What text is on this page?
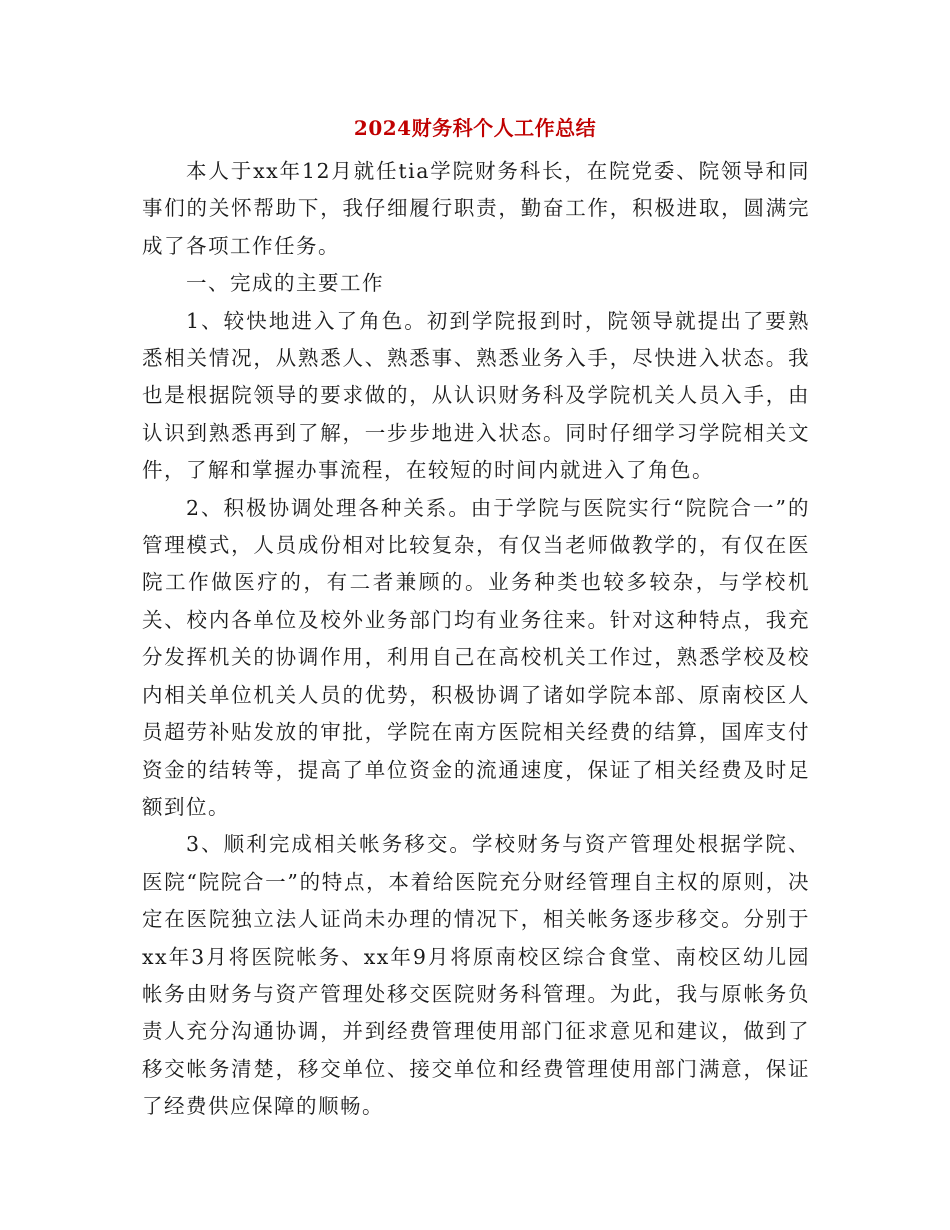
2024财务科个人工作总结

本人于xx年12月就任tia学院财务科长，在院党委、院领导和同事们的关怀帮助下，我仔细履行职责，勤奋工作，积极进取，圆满完成了各项工作任务。

一、完成的主要工作

1、较快地进入了角色。初到学院报到时，院领导就提出了要熟悉相关情况，从熟悉人、熟悉事、熟悉业务入手，尽快进入状态。我也是根据院领导的要求做的，从认识财务科及学院机关人员入手，由认识到熟悉再到了解，一步步地进入状态。同时仔细学习学院相关文件，了解和掌握办事流程，在较短的时间内就进入了角色。

2、积极协调处理各种关系。由于学院与医院实行“院院合一”的管理模式，人员成份相对比较复杂，有仅当老师做教学的，有仅在医院工作做医疗的，有二者兼顾的。业务种类也较多较杂，与学校机关、校内各单位及校外业务部门均有业务往来。针对这种特点，我充分发挥机关的协调作用，利用自己在高校机关工作过，熟悉学校及校内相关单位机关人员的优势，积极协调了诸如学院本部、原南校区人员超劳补贴发放的审批，学院在南方医院相关经费的结算，国库支付资金的结转等，提高了单位资金的流通速度，保证了相关经费及时足额到位。

3、顺利完成相关帐务移交。学校财务与资产管理处根据学院、医院“院院合一”的特点，本着给医院充分财经管理自主权的原则，决定在医院独立法人证尚未办理的情况下，相关帐务逐步移交。分别于xx年3月将医院帐务、xx年9月将原南校区综合食堂、南校区幼儿园帐务由财务与资产管理处移交医院财务科管理。为此，我与原帐务负责人充分沟通协调，并到经费管理使用部门征求意见和建议，做到了移交帐务清楚，移交单位、接交单位和经费管理使用部门满意，保证了经费供应保障的顺畅。
